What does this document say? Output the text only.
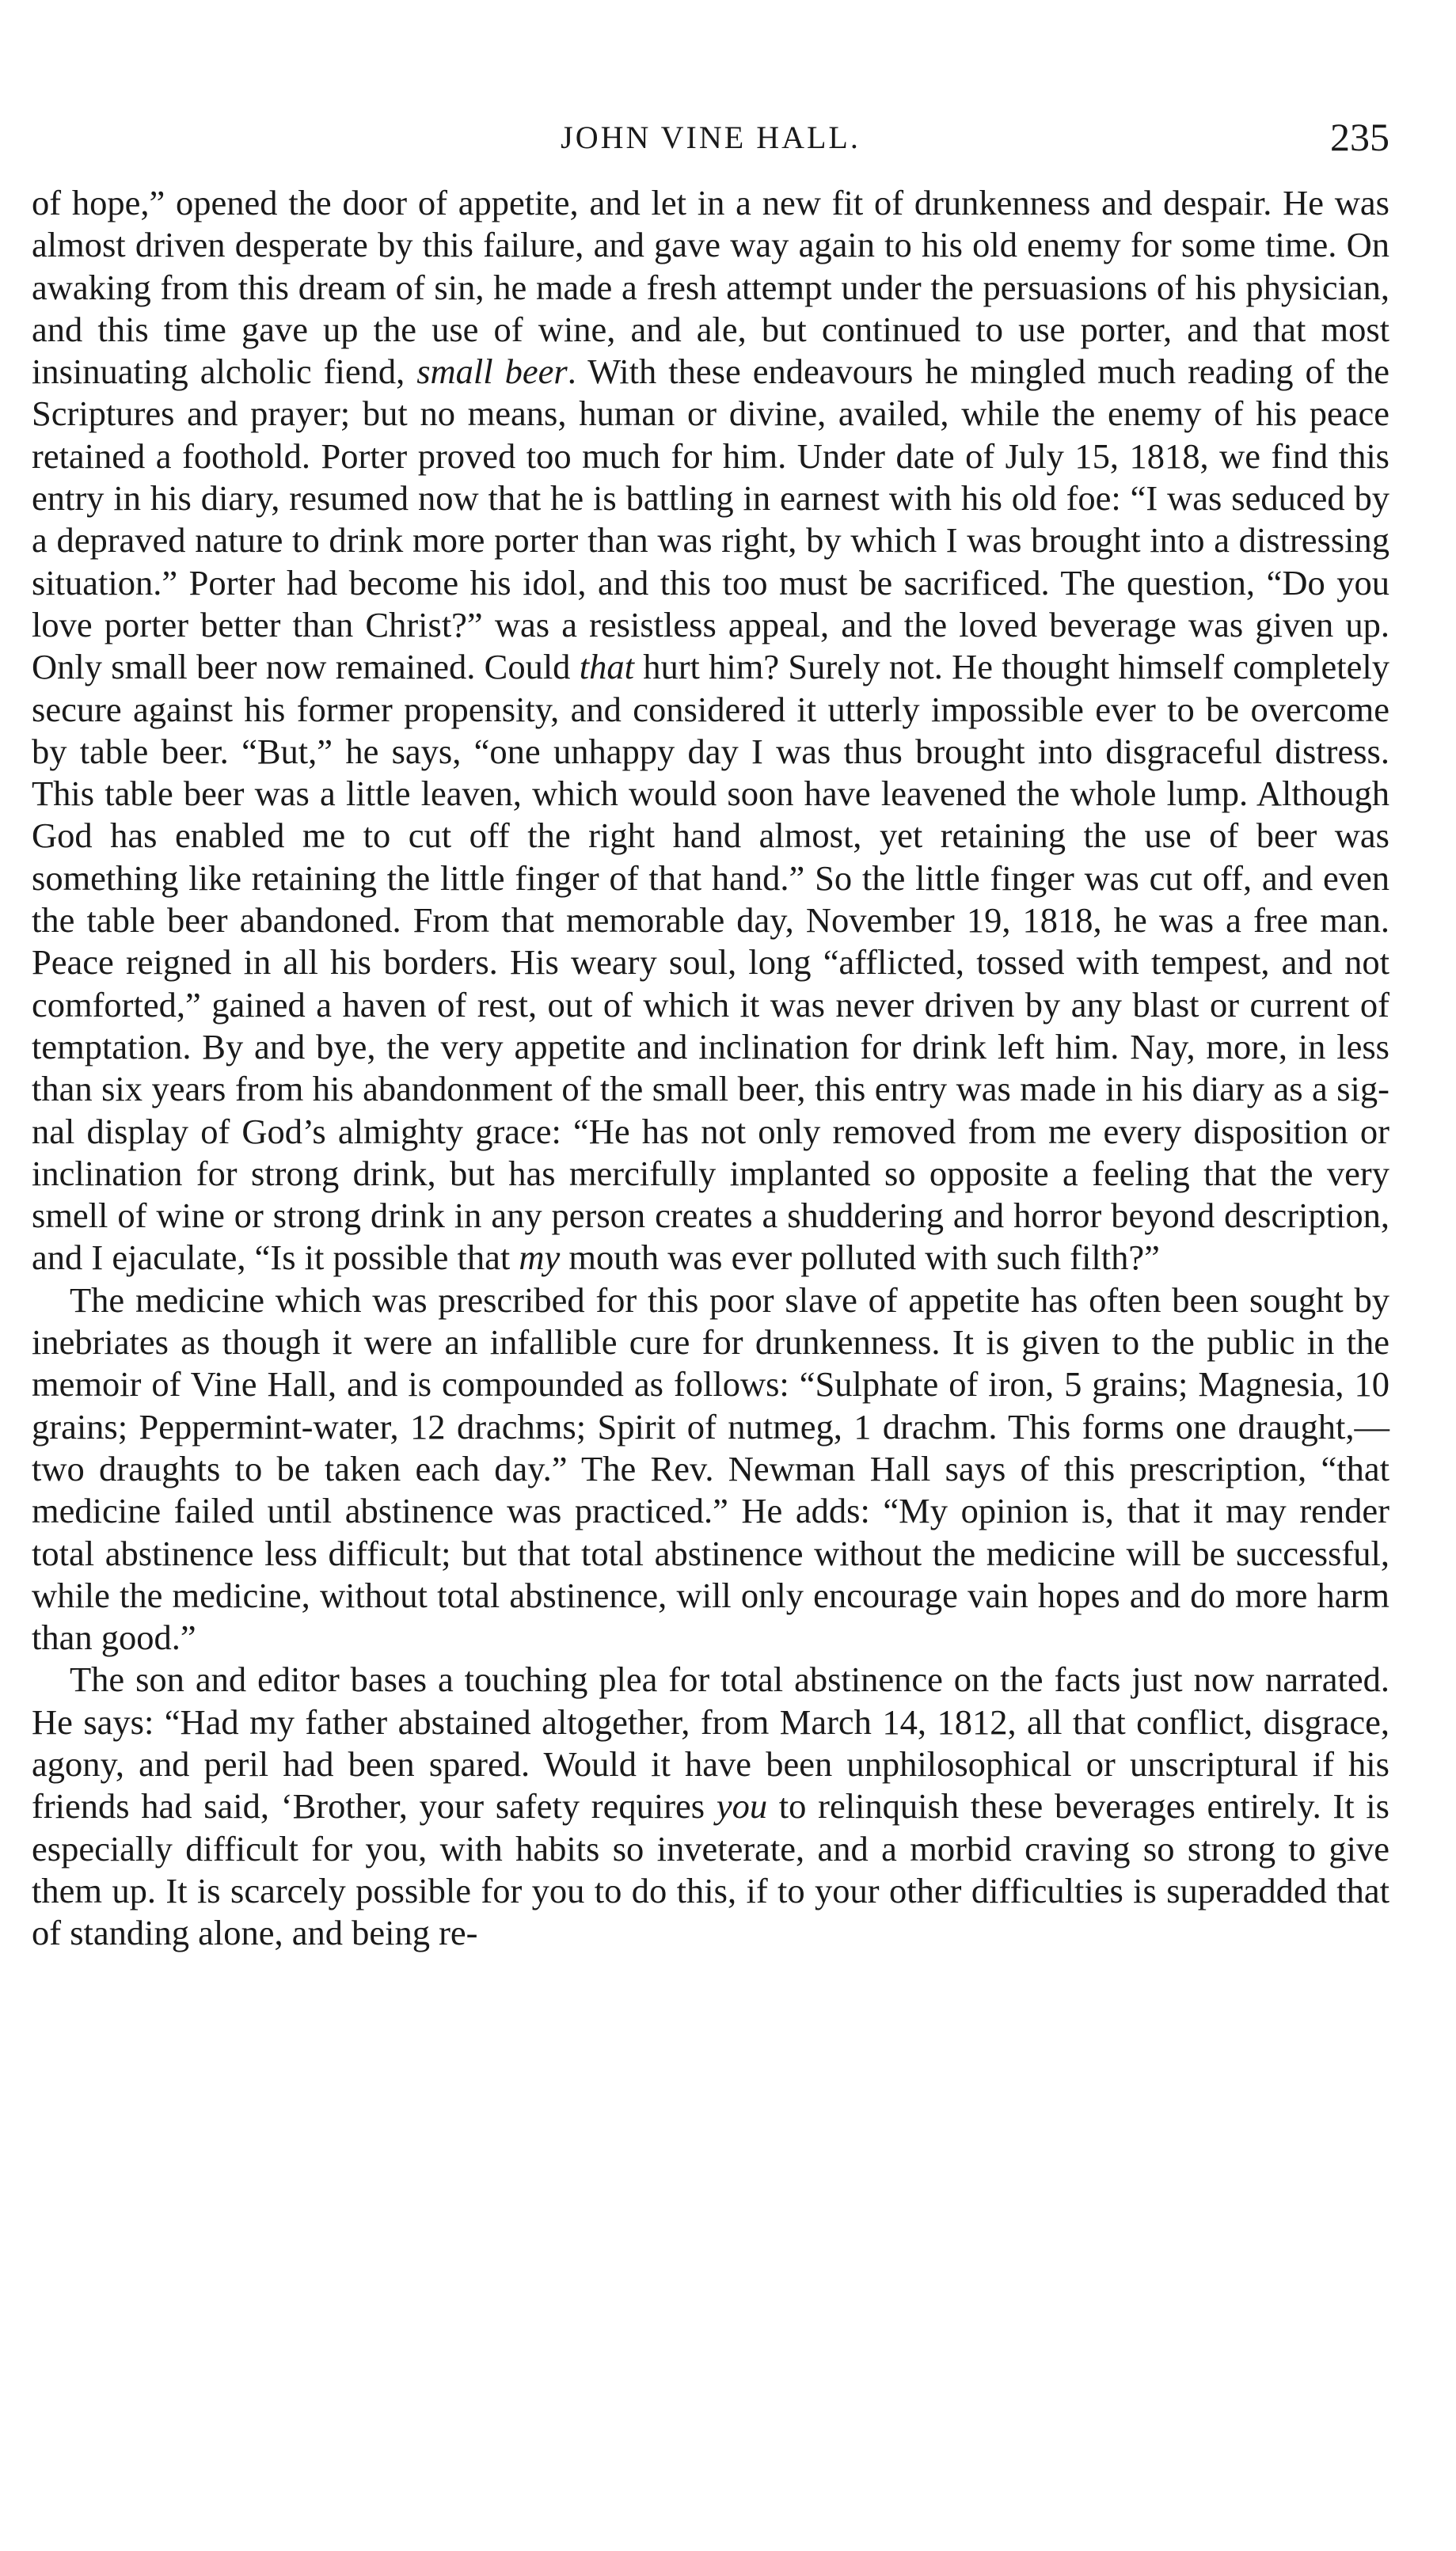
JOHN VINE HALL.	235

of hope,” opened the door of appetite, and let in a new fit of drunkenness and despair. He was almost driven desperate by this failure, and gave way again to his old enemy for some time. On awaking from this dream of sin, he made a fresh attempt under the persuasions of his physician, and this time gave up the use of wine, and ale, but continued to use porter, and that most insinuating alcholic fiend, small beer. With these endeavours he mingled much reading of the Scriptures and prayer; but no means, human or divine, availed, while the enemy of his peace retained a foothold. Porter proved too much for him. Under date of July 15, 1818, we find this entry in his diary, resumed now that he is battling in earnest with his old foe: “I was seduced by a depraved nature to drink more porter than was right, by which I was brought into a distressing situation.” Porter had become his idol, and this too must be sacrificed. The question, “Do you love porter better than Christ?” was a resistless appeal, and the loved beverage was given up. Only small beer now remained. Could that hurt him? Surely not. He thought himself completely secure against his former propensity, and considered it utterly impossible ever to be overcome by table beer. “But,” he says, “one unhappy day I was thus brought into disgraceful distress. This table beer was a little leaven, which would soon have leavened the whole lump. Although God has enabled me to cut off the right hand almost, yet retaining the use of beer was something like retaining the little finger of that hand.” So the little finger was cut off, and even the table beer abandoned. From that memorable day, November 19, 1818, he was a free man. Peace reigned in all his borders. His weary soul, long “afflicted, tossed with tempest, and not comforted,” gained a haven of rest, out of which it was never driven by any blast or current of temptation. By and bye, the very appetite and inclination for drink left him. Nay, more, in less than six years from his abandonment of the small beer, this entry was made in his diary as a signal display of God’s almighty grace: “He has not only removed from me every disposition or inclination for strong drink, but has mercifully implanted so opposite a feeling that the very smell of wine or strong drink in any person creates a shuddering and horror beyond description, and I ejaculate, “Is it possible that my mouth was ever polluted with such filth?”

The medicine which was prescribed for this poor slave of appetite has often been sought by inebriates as though it were an infallible cure for drunkenness. It is given to the public in the memoir of Vine Hall, and is compounded as follows: “Sulphate of iron, 5 grains; Magnesia, 10 grains; Peppermint-water, 12 drachms; Spirit of nutmeg, 1 drachm. This forms one draught,—two draughts to be taken each day.” The Rev. Newman Hall says of this prescription, “that medicine failed until abstinence was practiced.” He adds: “My opinion is, that it may render total abstinence less difficult; but that total abstinence without the medicine will be successful, while the medicine, without total abstinence, will only encourage vain hopes and do more harm than good.”

The son and editor bases a touching plea for total abstinence on the facts just now narrated. He says: “Had my father abstained altogether, from March 14, 1812, all that conflict, disgrace, agony, and peril had been spared. Would it have been unphilosophical or unscriptural if his friends had said, ‘Brother, your safety requires you to relinquish these beverages entirely. It is especially difficult for you, with habits so inveterate, and a morbid craving so strong to give them up. It is scarcely possible for you to do this, if to your other difficulties is superadded that of standing alone, and being re-
